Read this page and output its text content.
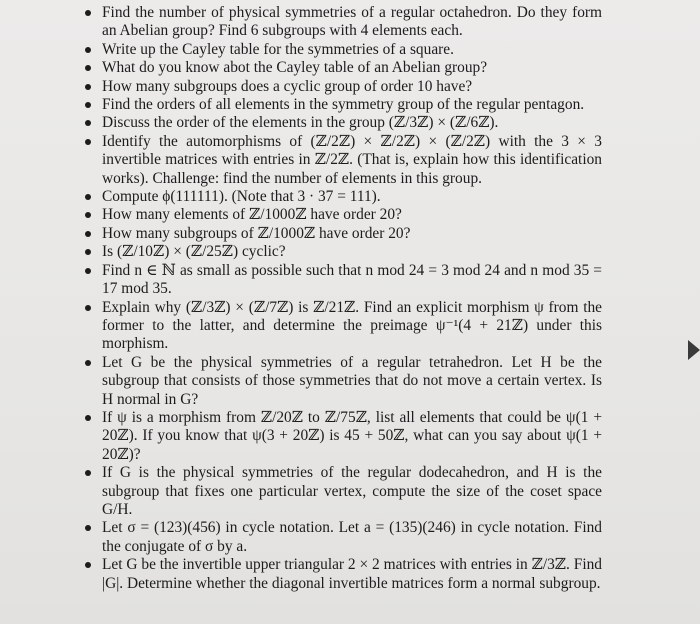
Find the number of physical symmetries of a regular octahedron. Do they form an Abelian group? Find 6 subgroups with 4 elements each.
Write up the Cayley table for the symmetries of a square.
What do you know abot the Cayley table of an Abelian group?
How many subgroups does a cyclic group of order 10 have?
Find the orders of all elements in the symmetry group of the regular pentagon.
Discuss the order of the elements in the group (ℤ/3ℤ) × (ℤ/6ℤ).
Identify the automorphisms of (ℤ/2ℤ) × ℤ/2ℤ) × (ℤ/2ℤ) with the 3 × 3 invertible matrices with entries in ℤ/2ℤ. (That is, explain how this identification works). Challenge: find the number of elements in this group.
Compute ϕ(111111). (Note that 3 · 37 = 111).
How many elements of ℤ/1000ℤ have order 20?
How many subgroups of ℤ/1000ℤ have order 20?
Is (ℤ/10ℤ) × (ℤ/25ℤ) cyclic?
Find n ∈ ℕ as small as possible such that n mod 24 = 3 mod 24 and n mod 35 = 17 mod 35.
Explain why (ℤ/3ℤ) × (ℤ/7ℤ) is ℤ/21ℤ. Find an explicit morphism ψ from the former to the latter, and determine the preimage ψ⁻¹(4 + 21ℤ) under this morphism.
Let G be the physical symmetries of a regular tetrahedron. Let H be the subgroup that consists of those symmetries that do not move a certain vertex. Is H normal in G?
If ψ is a morphism from ℤ/20ℤ to ℤ/75ℤ, list all elements that could be ψ(1 + 20ℤ). If you know that ψ(3 + 20ℤ) is 45 + 50ℤ, what can you say about ψ(1 + 20ℤ)?
If G is the physical symmetries of the regular dodecahedron, and H is the subgroup that fixes one particular vertex, compute the size of the coset space G/H.
Let σ = (123)(456) in cycle notation. Let a = (135)(246) in cycle notation. Find the conjugate of σ by a.
Let G be the invertible upper triangular 2 × 2 matrices with entries in ℤ/3ℤ. Find |G|. Determine whether the diagonal invertible matrices form a normal subgroup.
